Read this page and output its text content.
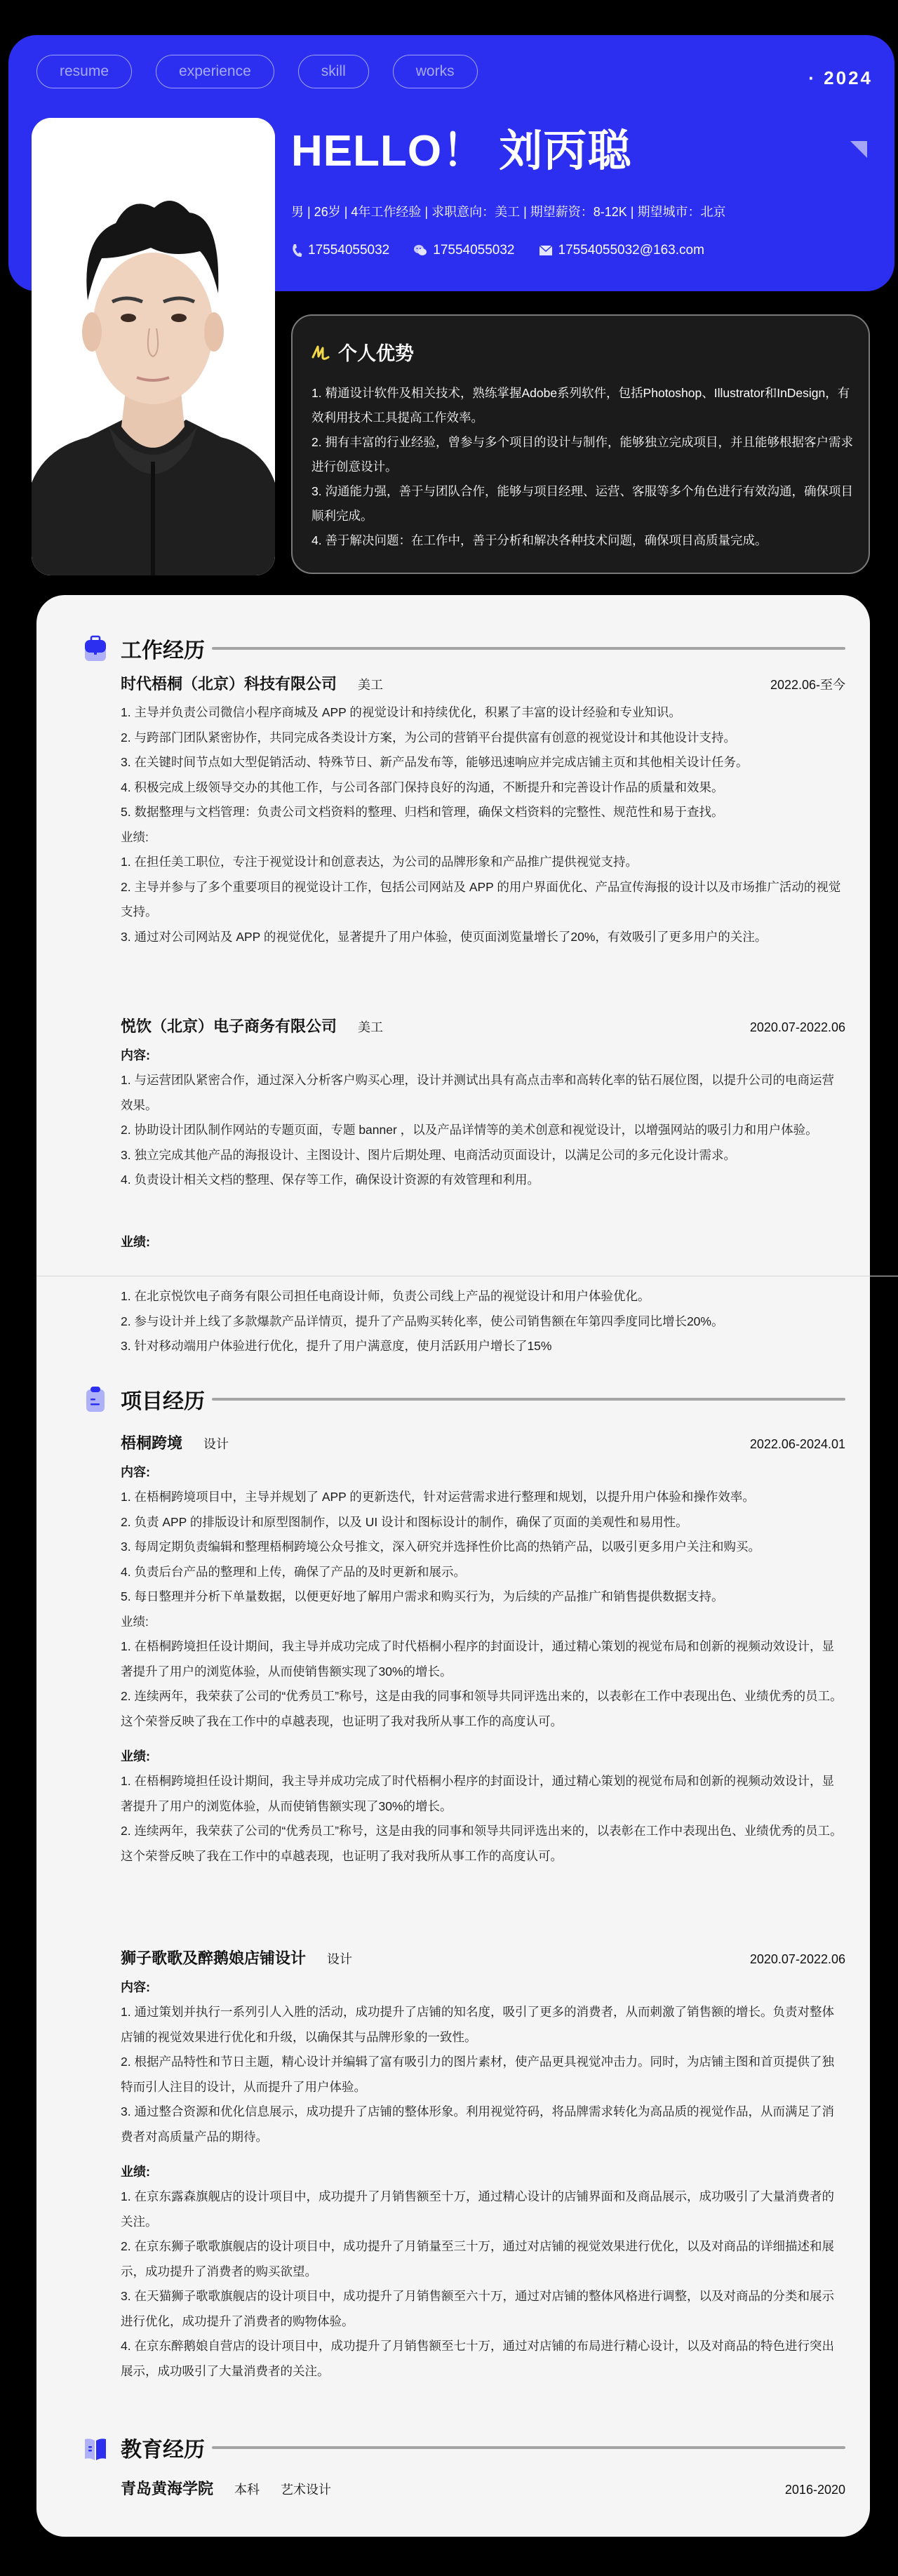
resume	experience	skill	works	· 2024
HELLO！ 刘丙聪
男 | 26岁 | 4年工作经验 | 求职意向：美工 | 期望薪资：8-12K | 期望城市：北京
17554055032	17554055032	17554055032@163.com
个人优势

1. 精通设计软件及相关技术，熟练掌握Adobe系列软件，包括Photoshop、Illustrator和InDesign，有效利用技术工具提高工作效率。

2. 拥有丰富的行业经验，曾参与多个项目的设计与制作，能够独立完成项目，并且能够根据客户需求进行创意设计。

3. 沟通能力强，善于与团队合作，能够与项目经理、运营、客服等多个角色进行有效沟通，确保项目顺利完成。

4. 善于解决问题：在工作中，善于分析和解决各种技术问题，确保项目高质量完成。

工作经历
时代梧桐（北京）科技有限公司 美工	2022.06-至今

1. 主导并负责公司微信小程序商城及 APP 的视觉设计和持续优化，积累了丰富的设计经验和专业知识。

2. 与跨部门团队紧密协作，共同完成各类设计方案，为公司的营销平台提供富有创意的视觉设计和其他设计支持。

3. 在关键时间节点如大型促销活动、特殊节日、新产品发布等，能够迅速响应并完成店铺主页和其他相关设计任务。

4. 积极完成上级领导交办的其他工作，与公司各部门保持良好的沟通，不断提升和完善设计作品的质量和效果。

5. 数据整理与文档管理：负责公司文档资料的整理、归档和管理，确保文档资料的完整性、规范性和易于查找。

业绩:

1. 在担任美工职位，专注于视觉设计和创意表达，为公司的品牌形象和产品推广提供视觉支持。

2. 主导并参与了多个重要项目的视觉设计工作，包括公司网站及 APP 的用户界面优化、产品宣传海报的设计以及市场推广活动的视觉支持。

3. 通过对公司网站及 APP 的视觉优化，显著提升了用户体验，使页面浏览量增长了20%，有效吸引了更多用户的关注。

悦饮（北京）电子商务有限公司 美工	2020.07-2022.06
内容:

1. 与运营团队紧密合作，通过深入分析客户购买心理，设计并测试出具有高点击率和高转化率的钻石展位图，以提升公司的电商运营效果。

2. 协助设计团队制作网站的专题页面，专题 banner ，以及产品详情等的美术创意和视觉设计，以增强网站的吸引力和用户体验。

3. 独立完成其他产品的海报设计、主图设计、图片后期处理、电商活动页面设计，以满足公司的多元化设计需求。

4. 负责设计相关文档的整理、保存等工作，确保设计资源的有效管理和利用。

业绩:

1. 在北京悦饮电子商务有限公司担任电商设计师，负责公司线上产品的视觉设计和用户体验优化。

2. 参与设计并上线了多款爆款产品详情页，提升了产品购买转化率，使公司销售额在年第四季度同比增长20%。

3. 针对移动端用户体验进行优化，提升了用户满意度，使月活跃用户增长了15%

项目经历
梧桐跨境 设计	2022.06-2024.01
内容:

1. 在梧桐跨境项目中，主导并规划了 APP 的更新迭代，针对运营需求进行整理和规划，以提升用户体验和操作效率。

2. 负责 APP 的排版设计和原型图制作，以及 UI 设计和图标设计的制作，确保了页面的美观性和易用性。

3. 每周定期负责编辑和整理梧桐跨境公众号推文，深入研究并选择性价比高的热销产品，以吸引更多用户关注和购买。

4. 负责后台产品的整理和上传，确保了产品的及时更新和展示。

5. 每日整理并分析下单量数据，以便更好地了解用户需求和购买行为，为后续的产品推广和销售提供数据支持。

业绩:

1. 在梧桐跨境担任设计期间，我主导并成功完成了时代梧桐小程序的封面设计，通过精心策划的视觉布局和创新的视频动效设计，显著提升了用户的浏览体验，从而使销售额实现了30%的增长。

2. 连续两年，我荣获了公司的“优秀员工”称号，这是由我的同事和领导共同评选出来的，以表彰在工作中表现出色、业绩优秀的员工。这个荣誉反映了我在工作中的卓越表现，也证明了我对我所从事工作的高度认可。

业绩:

1. 在梧桐跨境担任设计期间，我主导并成功完成了时代梧桐小程序的封面设计，通过精心策划的视觉布局和创新的视频动效设计，显著提升了用户的浏览体验，从而使销售额实现了30%的增长。

2. 连续两年，我荣获了公司的“优秀员工”称号，这是由我的同事和领导共同评选出来的，以表彰在工作中表现出色、业绩优秀的员工。这个荣誉反映了我在工作中的卓越表现，也证明了我对我所从事工作的高度认可。

狮子歌歌及醉鹅娘店铺设计 设计	2020.07-2022.06
内容:

1. 通过策划并执行一系列引人入胜的活动，成功提升了店铺的知名度，吸引了更多的消费者，从而刺激了销售额的增长。负责对整体店铺的视觉效果进行优化和升级，以确保其与品牌形象的一致性。

2. 根据产品特性和节日主题，精心设计并编辑了富有吸引力的图片素材，使产品更具视觉冲击力。同时，为店铺主图和首页提供了独特而引人注目的设计，从而提升了用户体验。

3. 通过整合资源和优化信息展示，成功提升了店铺的整体形象。利用视觉符码，将品牌需求转化为高品质的视觉作品，从而满足了消费者对高质量产品的期待。

业绩:

1. 在京东露森旗舰店的设计项目中，成功提升了月销售额至十万，通过精心设计的店铺界面和及商品展示，成功吸引了大量消费者的关注。

2. 在京东狮子歌歌旗舰店的设计项目中，成功提升了月销量至三十万，通过对店铺的视觉效果进行优化，以及对商品的详细描述和展示，成功提升了消费者的购买欲望。

3. 在天猫狮子歌歌旗舰店的设计项目中，成功提升了月销售额至六十万，通过对店铺的整体风格进行调整，以及对商品的分类和展示进行优化，成功提升了消费者的购物体验。

4. 在京东醉鹅娘自营店的设计项目中，成功提升了月销售额至七十万，通过对店铺的布局进行精心设计，以及对商品的特色进行突出展示，成功吸引了大量消费者的关注。

教育经历
青岛黄海学院 本科 艺术设计	2016-2020
